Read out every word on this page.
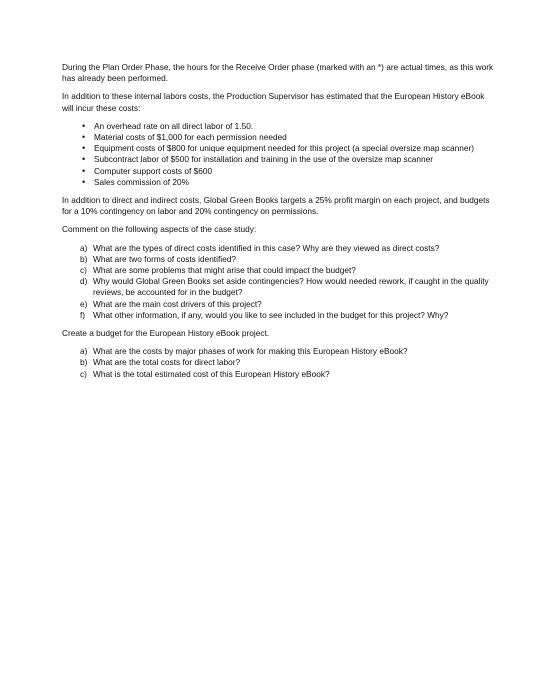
During the Plan Order Phase, the hours for the Receive Order phase (marked with an *) are actual times, as this work has already been performed.

In addition to these internal labors costs, the Production Supervisor has estimated that the European History eBook will incur these costs:

• An overhead rate on all direct labor of 1.50.
• Material costs of $1,000 for each permission needed
• Equipment costs of $800 for unique equipment needed for this project (a special oversize map scanner)
• Subcontract labor of $500 for installation and training in the use of the oversize map scanner
• Computer support costs of $600
• Sales commission of 20%

In addition to direct and indirect costs, Global Green Books targets a 25% profit margin on each project, and budgets for a 10% contingency on labor and 20% contingency on permissions.

Comment on the following aspects of the case study:

a) What are the types of direct costs identified in this case? Why are they viewed as direct costs?
b) What are two forms of costs identified?
c) What are some problems that might arise that could impact the budget?
d) Why would Global Green Books set aside contingencies? How would needed rework, if caught in the quality reviews, be accounted for in the budget?
e) What are the main cost drivers of this project?
f) What other information, if any, would you like to see included in the budget for this project? Why?

Create a budget for the European History eBook project.

a) What are the costs by major phases of work for making this European History eBook?
b) What are the total costs for direct labor?
c) What is the total estimated cost of this European History eBook?
